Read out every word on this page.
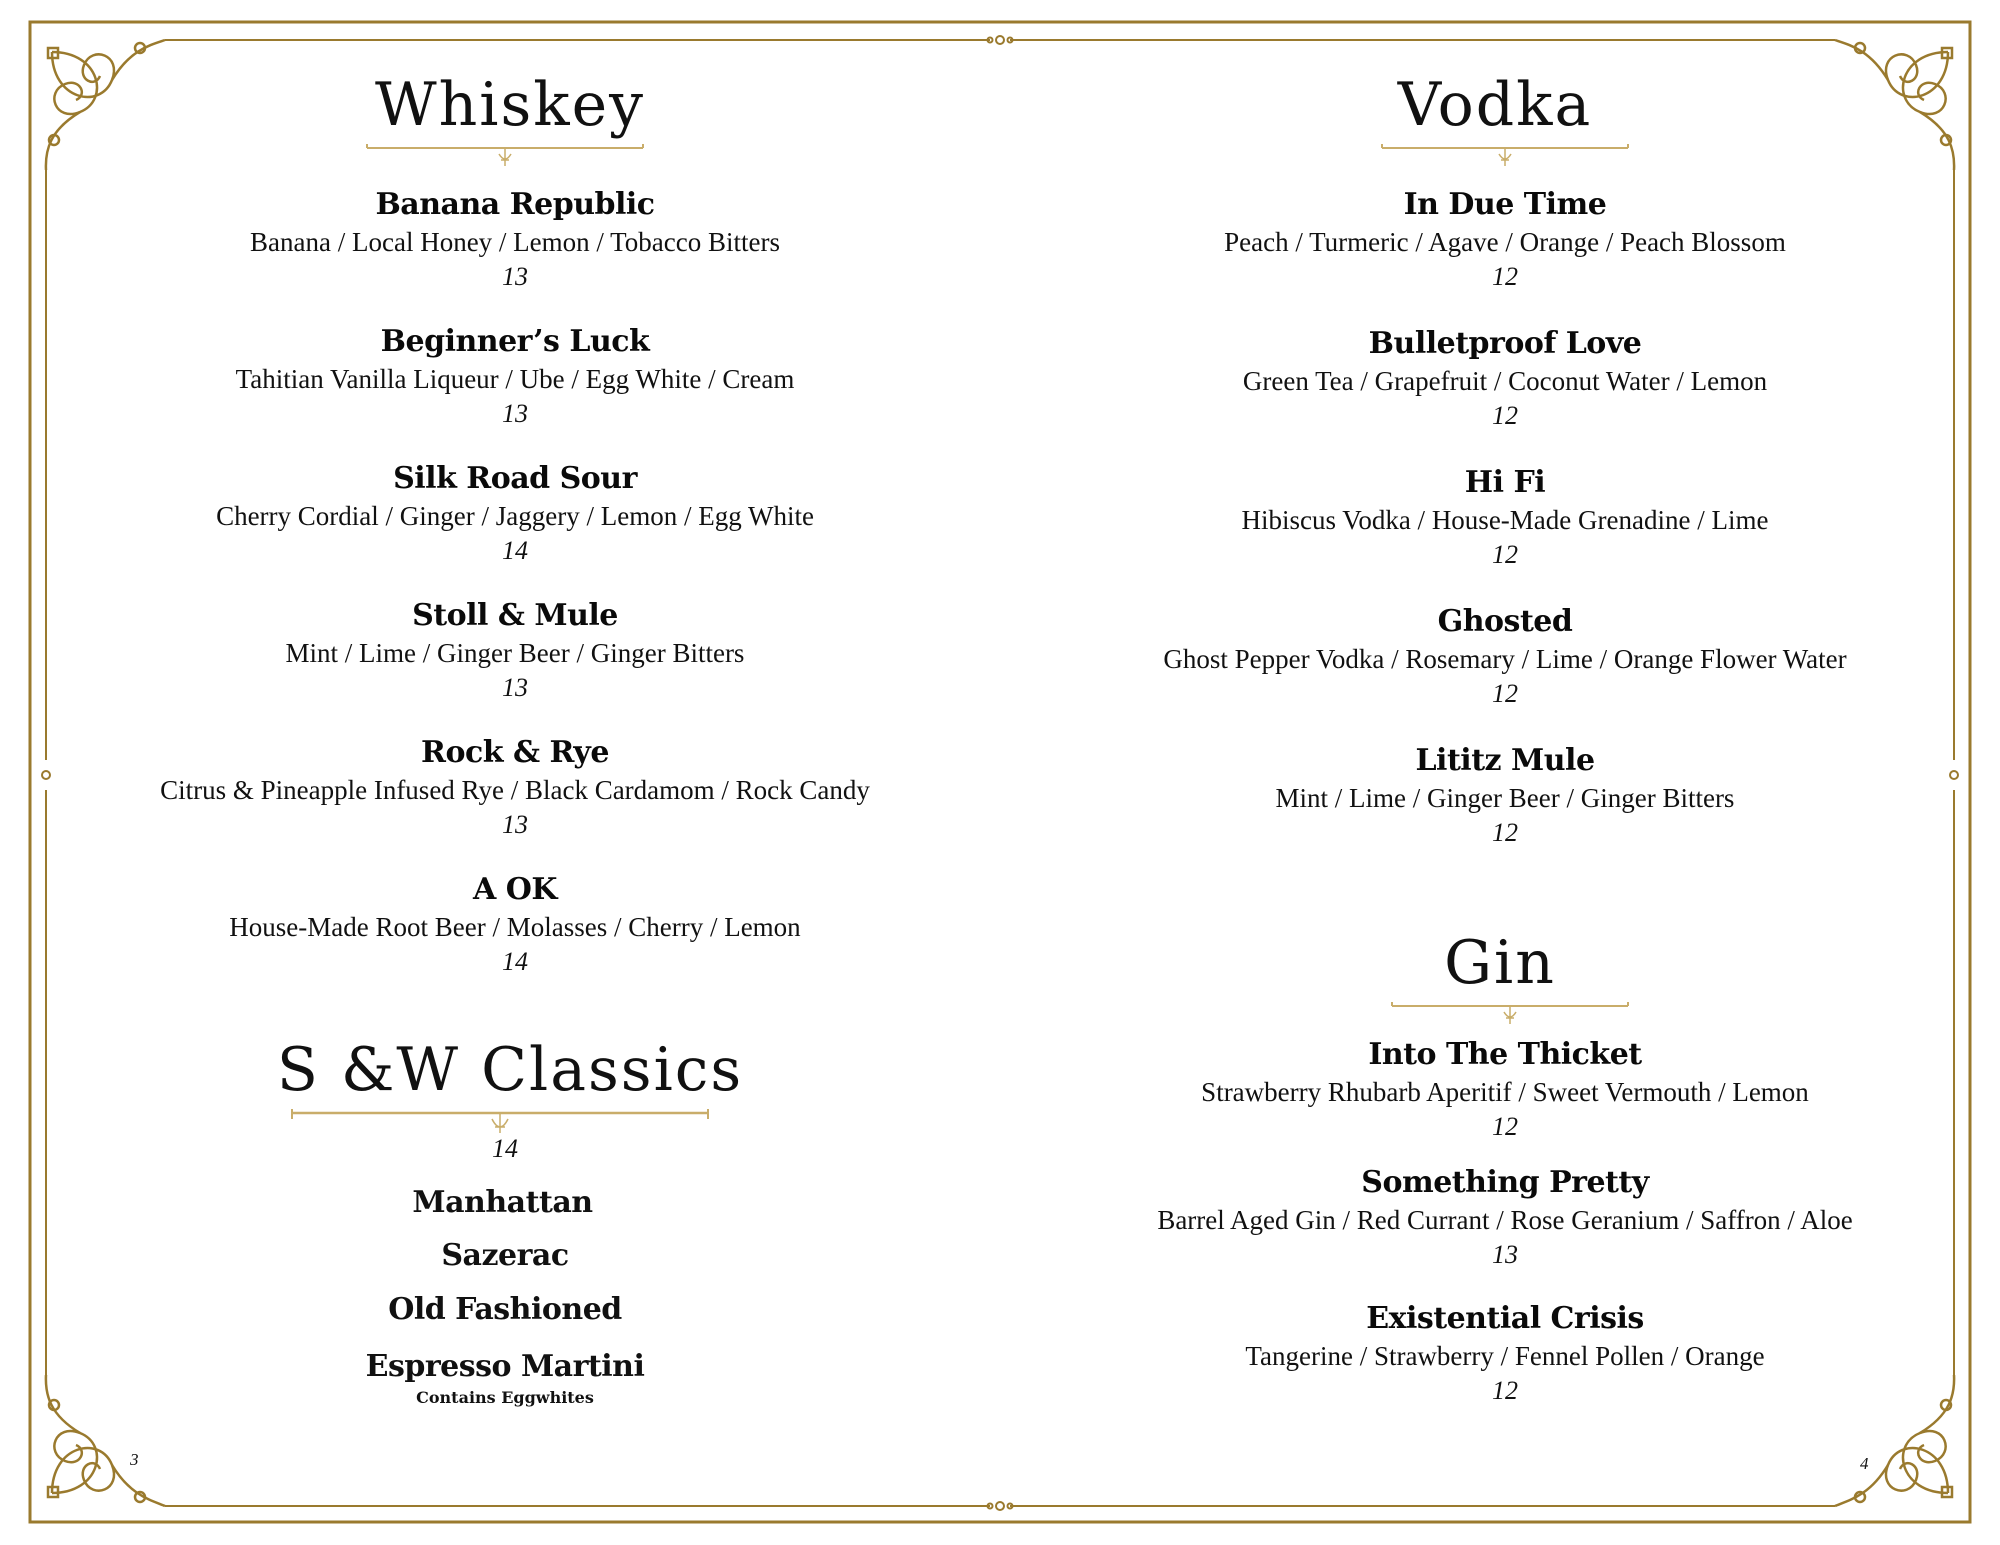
Whiskey
Banana Republic
Banana / Local Honey / Lemon / Tobacco Bitters
13
Beginner’s Luck
Tahitian Vanilla Liqueur / Ube / Egg White / Cream
13
Silk Road Sour
Cherry Cordial / Ginger / Jaggery / Lemon / Egg White
14
Stoll & Mule
Mint / Lime / Ginger Beer / Ginger Bitters
13
Rock & Rye
Citrus & Pineapple Infused Rye / Black Cardamom / Rock Candy
13
A OK
House-Made Root Beer / Molasses / Cherry / Lemon
14
S &W Classics
14
Manhattan
Sazerac
Old Fashioned
Espresso Martini
Contains Eggwhites
3
Vodka
In Due Time
Peach / Turmeric / Agave / Orange / Peach Blossom
12
Bulletproof Love
Green Tea / Grapefruit / Coconut Water / Lemon
12
Hi Fi
Hibiscus Vodka / House-Made Grenadine / Lime
12
Ghosted
Ghost Pepper Vodka / Rosemary / Lime / Orange Flower Water
12
Lititz Mule
Mint / Lime / Ginger Beer / Ginger Bitters
12
Gin
Into The Thicket
Strawberry Rhubarb Aperitif / Sweet Vermouth / Lemon
12
Something Pretty
Barrel Aged Gin / Red Currant / Rose Geranium / Saffron / Aloe
13
Existential Crisis
Tangerine / Strawberry / Fennel Pollen / Orange
12
4
